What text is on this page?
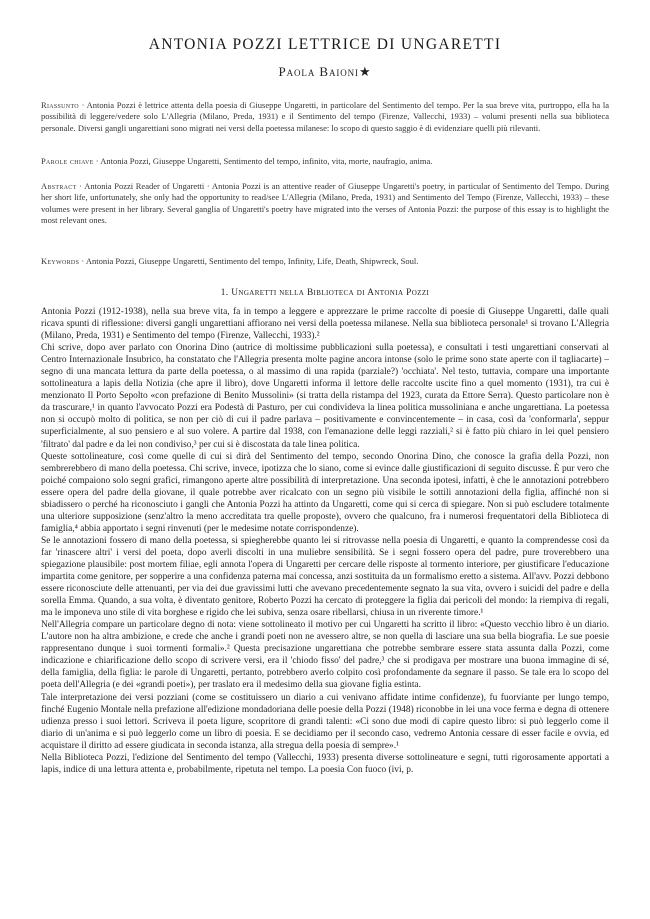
ANTONIA POZZI LETTRICE DI UNGARETTI
Paola Baioni★
Riassunto · Antonia Pozzi è lettrice attenta della poesia di Giuseppe Ungaretti, in particolare del Sentimento del tempo. Per la sua breve vita, purtroppo, ella ha la possibilità di leggere/vedere solo L'Allegria (Milano, Preda, 1931) e il Sentimento del tempo (Firenze, Vallecchi, 1933) – volumi presenti nella sua biblioteca personale. Diversi gangli ungarettiani sono migrati nei versi della poetessa milanese: lo scopo di questo saggio è di evidenziare quelli più rilevanti.
Parole chiave · Antonia Pozzi, Giuseppe Ungaretti, Sentimento del tempo, infinito, vita, morte, naufragio, anima.
Abstract · Antonia Pozzi Reader of Ungaretti · Antonia Pozzi is an attentive reader of Giuseppe Ungaretti's poetry, in particular of Sentimento del Tempo. During her short life, unfortunately, she only had the opportunity to read/see L'Allegria (Milano, Preda, 1931) and Sentimento del Tempo (Firenze, Vallecchi, 1933) – these volumes were present in her library. Several ganglia of Ungaretti's poetry have migrated into the verses of Antonia Pozzi: the purpose of this essay is to highlight the most relevant ones.
Keywords · Antonia Pozzi, Giuseppe Ungaretti, Sentimento del tempo, Infinity, Life, Death, Shipwreck, Soul.
1. Ungaretti nella Biblioteca di Antonia Pozzi

Antonia Pozzi (1912-1938), nella sua breve vita, fa in tempo a leggere e apprezzare le prime raccolte di poesie di Giuseppe Ungaretti, dalle quali ricava spunti di riflessione: diversi gangli ungarettiani affiorano nei versi della poetessa milanese. Nella sua biblioteca personale¹ si trovano L'Allegria (Milano, Preda, 1931) e Sentimento del tempo (Firenze, Vallecchi, 1933).²

Chi scrive, dopo aver parlato con Onorina Dino (autrice di moltissime pubblicazioni sulla poetessa), e consultati i testi ungarettiani conservati al Centro Internazionale Insubrico, ha constatato che l'Allegria presenta molte pagine ancora intonse (solo le prime sono state aperte con il tagliacarte) – segno di una mancata lettura da parte della poetessa, o al massimo di una rapida (parziale?) 'occhiata'. Nel testo, tuttavia, compare una importante sottolineatura a lapis della Notizia (che apre il libro), dove Ungaretti informa il lettore delle raccolte uscite fino a quel momento (1931), tra cui è menzionato Il Porto Sepolto «con prefazione di Benito Mussolini» (si tratta della ristampa del 1923, curata da Ettore Serra). Questo particolare non è da trascurare,¹ in quanto l'avvocato Pozzi era Podestà di Pasturo, per cui condivideva la linea politica mussoliniana e anche ungarettiana. La poetessa non si occupò molto di politica, se non per ciò di cui il padre parlava – positivamente e convincentemente – in casa, così da 'conformarla', seppur superficialmente, al suo pensiero e al suo volere. A partire dal 1938, con l'emanazione delle leggi razziali,² si è fatto più chiaro in lei quel pensiero 'filtrato' dal padre e da lei non condiviso,³ per cui si è discostata da tale linea politica.

Queste sottolineature, così come quelle di cui si dirà del Sentimento del tempo, secondo Onorina Dino, che conosce la grafia della Pozzi, non sembrerebbero di mano della poetessa. Chi scrive, invece, ipotizza che lo siano, come si evince dalle giustificazioni di seguito discusse. È pur vero che poiché compaiono solo segni grafici, rimangono aperte altre possibilità di interpretazione. Una seconda ipotesi, infatti, è che le annotazioni potrebbero essere opera del padre della giovane, il quale potrebbe aver ricalcato con un segno più visibile le sottili annotazioni della figlia, affinché non si sbiadissero o perché ha riconosciuto i gangli che Antonia Pozzi ha attinto da Ungaretti, come qui si cerca di spiegare. Non si può escludere totalmente una ulteriore supposizione (senz'altro la meno accreditata tra quelle proposte), ovvero che qualcuno, fra i numerosi frequentatori della Biblioteca di famiglia,⁴ abbia apportato i segni rinvenuti (per le medesime notate corrispondenze).

Se le annotazioni fossero di mano della poetessa, si spiegherebbe quanto lei si ritrovasse nella poesia di Ungaretti, e quanto la comprendesse così da far 'rinascere altri' i versi del poeta, dopo averli discolti in una muliebre sensibilità. Se i segni fossero opera del padre, pure troverebbero una spiegazione plausibile: post mortem filiae, egli annota l'opera di Ungaretti per cercare delle risposte al tormento interiore, per giustificare l'educazione impartita come genitore, per sopperire a una confidenza paterna mai concessa, anzi sostituita da un formalismo eretto a sistema. All'avv. Pozzi debbono essere riconosciute delle attenuanti, per via dei due gravissimi lutti che avevano precedentemente segnato la sua vita, ovvero i suicidi del padre e della sorella Emma. Quando, a sua volta, è diventato genitore, Roberto Pozzi ha cercato di proteggere la figlia dai pericoli del mondo: la riempiva di regali, ma le imponeva uno stile di vita borghese e rigido che lei subiva, senza osare ribellarsi, chiusa in un riverente timore.¹

Nell'Allegria compare un particolare degno di nota: viene sottolineato il motivo per cui Ungaretti ha scritto il libro: «Questo vecchio libro è un diario. L'autore non ha altra ambizione, e crede che anche i grandi poeti non ne avessero altre, se non quella di lasciare una sua bella biografia. Le sue poesie rappresentano dunque i suoi tormenti formali».² Questa precisazione ungarettiana che potrebbe sembrare essere stata assunta dalla Pozzi, come indicazione e chiarificazione dello scopo di scrivere versi, era il 'chiodo fisso' del padre,³ che si prodigava per mostrare una buona immagine di sé, della famiglia, della figlia: le parole di Ungaretti, pertanto, potrebbero averlo colpito così profondamente da segnare il passo. Se tale era lo scopo del poeta dell'Allegria (e dei «grandi poeti»), per traslato era il medesimo della sua giovane figlia estinta.

Tale interpretazione dei versi pozziani (come se costituissero un diario a cui venivano affidate intime confidenze), fu fuorviante per lungo tempo, finché Eugenio Montale nella prefazione all'edizione mondadoriana delle poesie della Pozzi (1948) riconobbe in lei una voce ferma e degna di ottenere udienza presso i suoi lettori. Scriveva il poeta ligure, scopritore di grandi talenti: «Ci sono due modi di capire questo libro: si può leggerlo come il diario di un'anima e si può leggerlo come un libro di poesia. E se decidiamo per il secondo caso, vedremo Antonia cessare di esser facile e ovvia, ed acquistare il diritto ad essere giudicata in seconda istanza, alla stregua della poesia di sempre».¹

Nella Biblioteca Pozzi, l'edizione del Sentimento del tempo (Vallecchi, 1933) presenta diverse sottolineature e segni, tutti rigorosamente apportati a lapis, indice di una lettura attenta e, probabilmente, ripetuta nel tempo. La poesia Con fuoco (ivi, p.
